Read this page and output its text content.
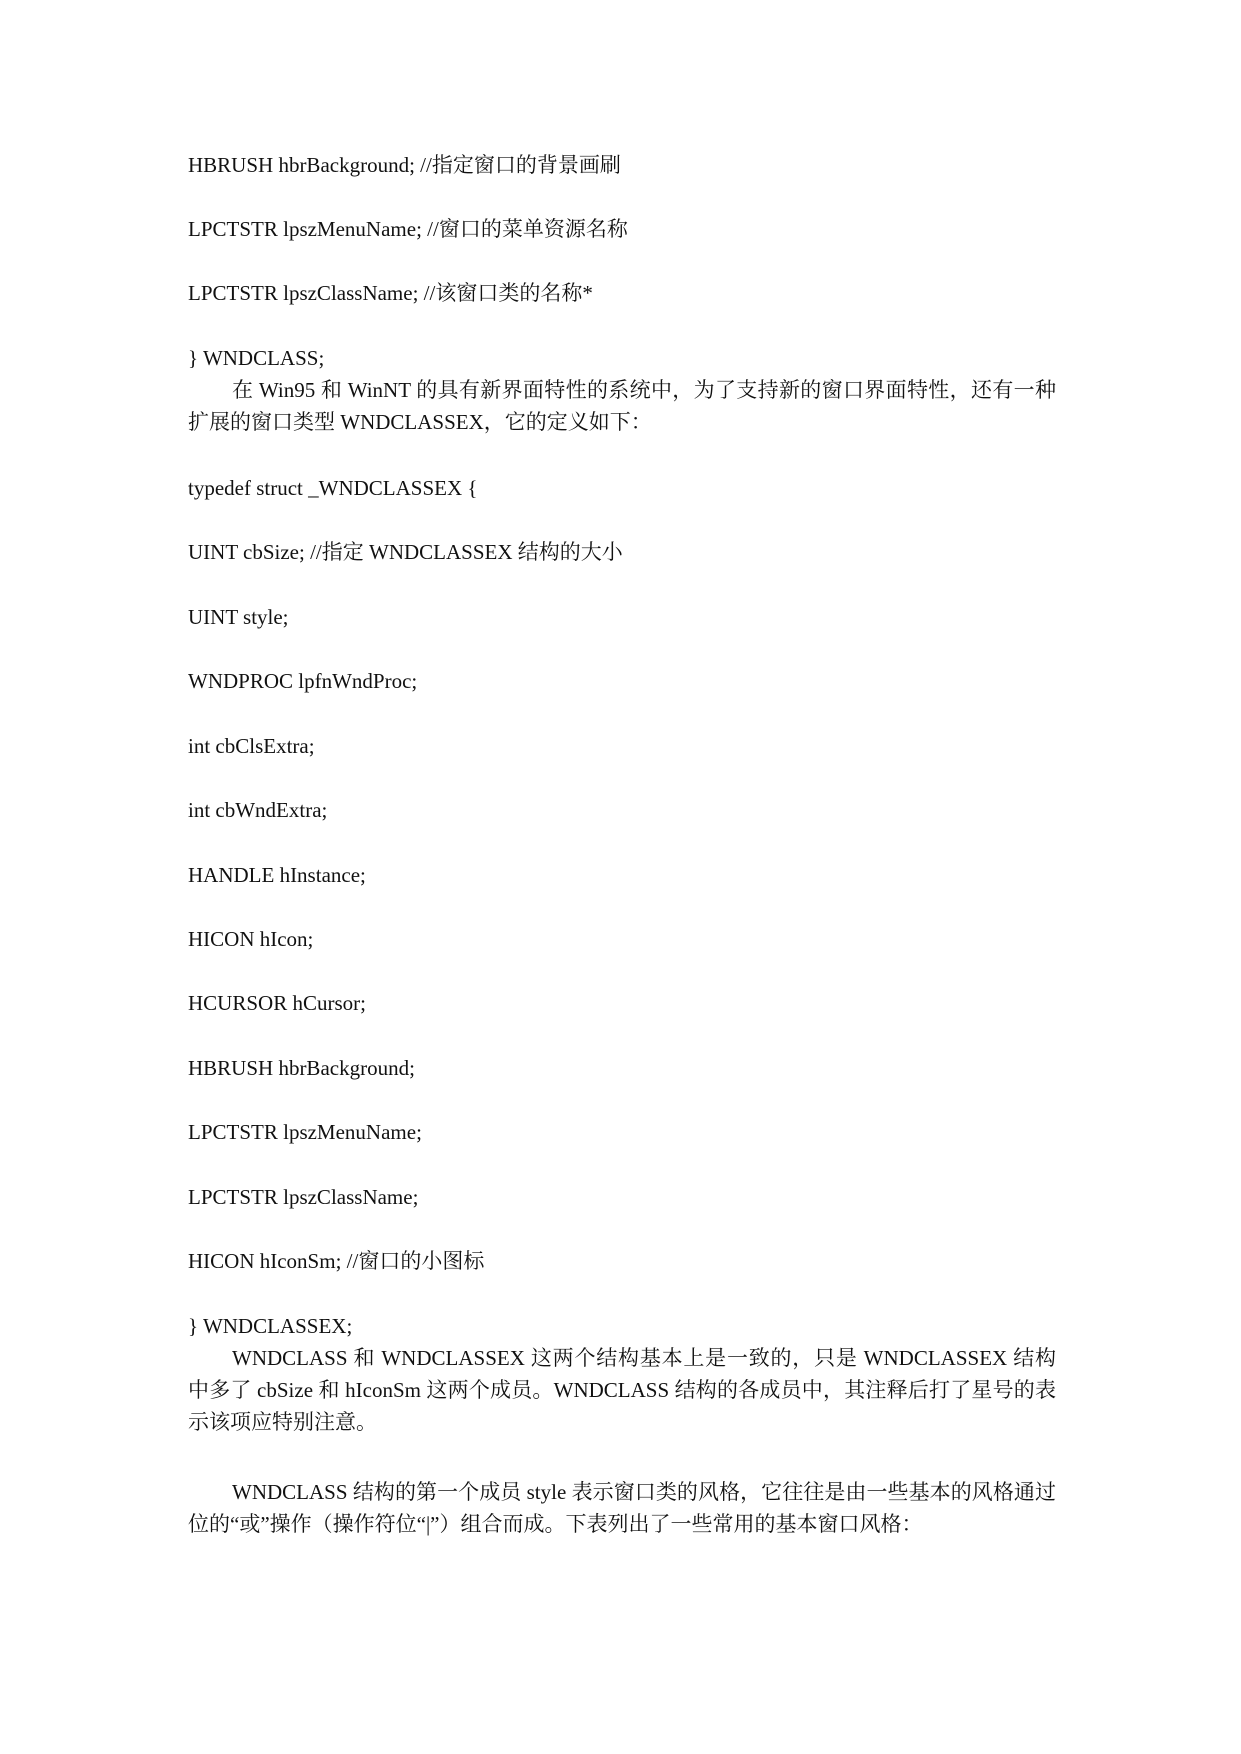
HBRUSH hbrBackground; //指定窗口的背景画刷
LPCTSTR lpszMenuName; //窗口的菜单资源名称
LPCTSTR lpszClassName; //该窗口类的名称*
} WNDCLASS;
在 Win95 和 WinNT 的具有新界面特性的系统中，为了支持新的窗口界面特性，还有一种扩展的窗口类型 WNDCLASSEX，它的定义如下：
typedef struct _WNDCLASSEX {
UINT cbSize; //指定 WNDCLASSEX 结构的大小
UINT style;
WNDPROC lpfnWndProc;
int cbClsExtra;
int cbWndExtra;
HANDLE hInstance;
HICON hIcon;
HCURSOR hCursor;
HBRUSH hbrBackground;
LPCTSTR lpszMenuName;
LPCTSTR lpszClassName;
HICON hIconSm; //窗口的小图标
} WNDCLASSEX;
WNDCLASS 和 WNDCLASSEX 这两个结构基本上是一致的，只是 WNDCLASSEX 结构中多了 cbSize 和 hIconSm 这两个成员。WNDCLASS 结构的各成员中，其注释后打了星号的表示该项应特别注意。
WNDCLASS 结构的第一个成员 style 表示窗口类的风格，它往往是由一些基本的风格通过位的“或”操作（操作符位“|”）组合而成。下表列出了一些常用的基本窗口风格：
